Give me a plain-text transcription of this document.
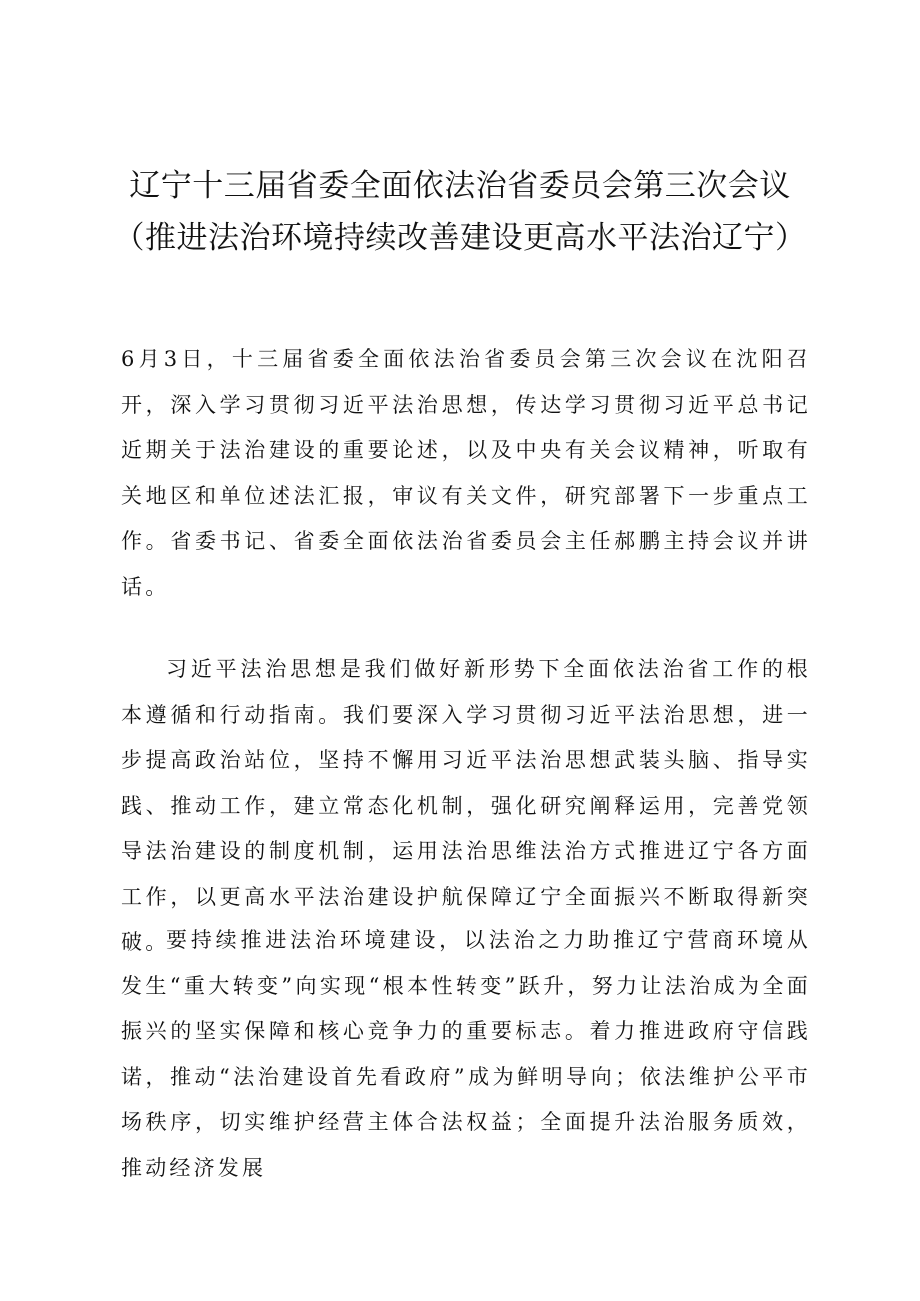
辽宁十三届省委全面依法治省委员会第三次会议
（推进法治环境持续改善建设更高水平法治辽宁）

6月3日，十三届省委全面依法治省委员会第三次会议在沈阳召开，深入学习贯彻习近平法治思想，传达学习贯彻习近平总书记近期关于法治建设的重要论述，以及中央有关会议精神，听取有关地区和单位述法汇报，审议有关文件，研究部署下一步重点工作。省委书记、省委全面依法治省委员会主任郝鹏主持会议并讲话。

习近平法治思想是我们做好新形势下全面依法治省工作的根本遵循和行动指南。我们要深入学习贯彻习近平法治思想，进一步提高政治站位，坚持不懈用习近平法治思想武装头脑、指导实践、推动工作，建立常态化机制，强化研究阐释运用，完善党领导法治建设的制度机制，运用法治思维法治方式推进辽宁各方面工作，以更高水平法治建设护航保障辽宁全面振兴不断取得新突破。

要持续推进法治环境建设，以法治之力助推辽宁营商环境从发生“重大转变”向实现“根本性转变”跃升，努力让法治成为全面振兴的坚实保障和核心竞争力的重要标志。着力推进政府守信践诺，推动“法治建设首先看政府”成为鲜明导向；依法维护公平市场秩序，切实维护经营主体合法权益；全面提升法治服务质效，推动经济发展
